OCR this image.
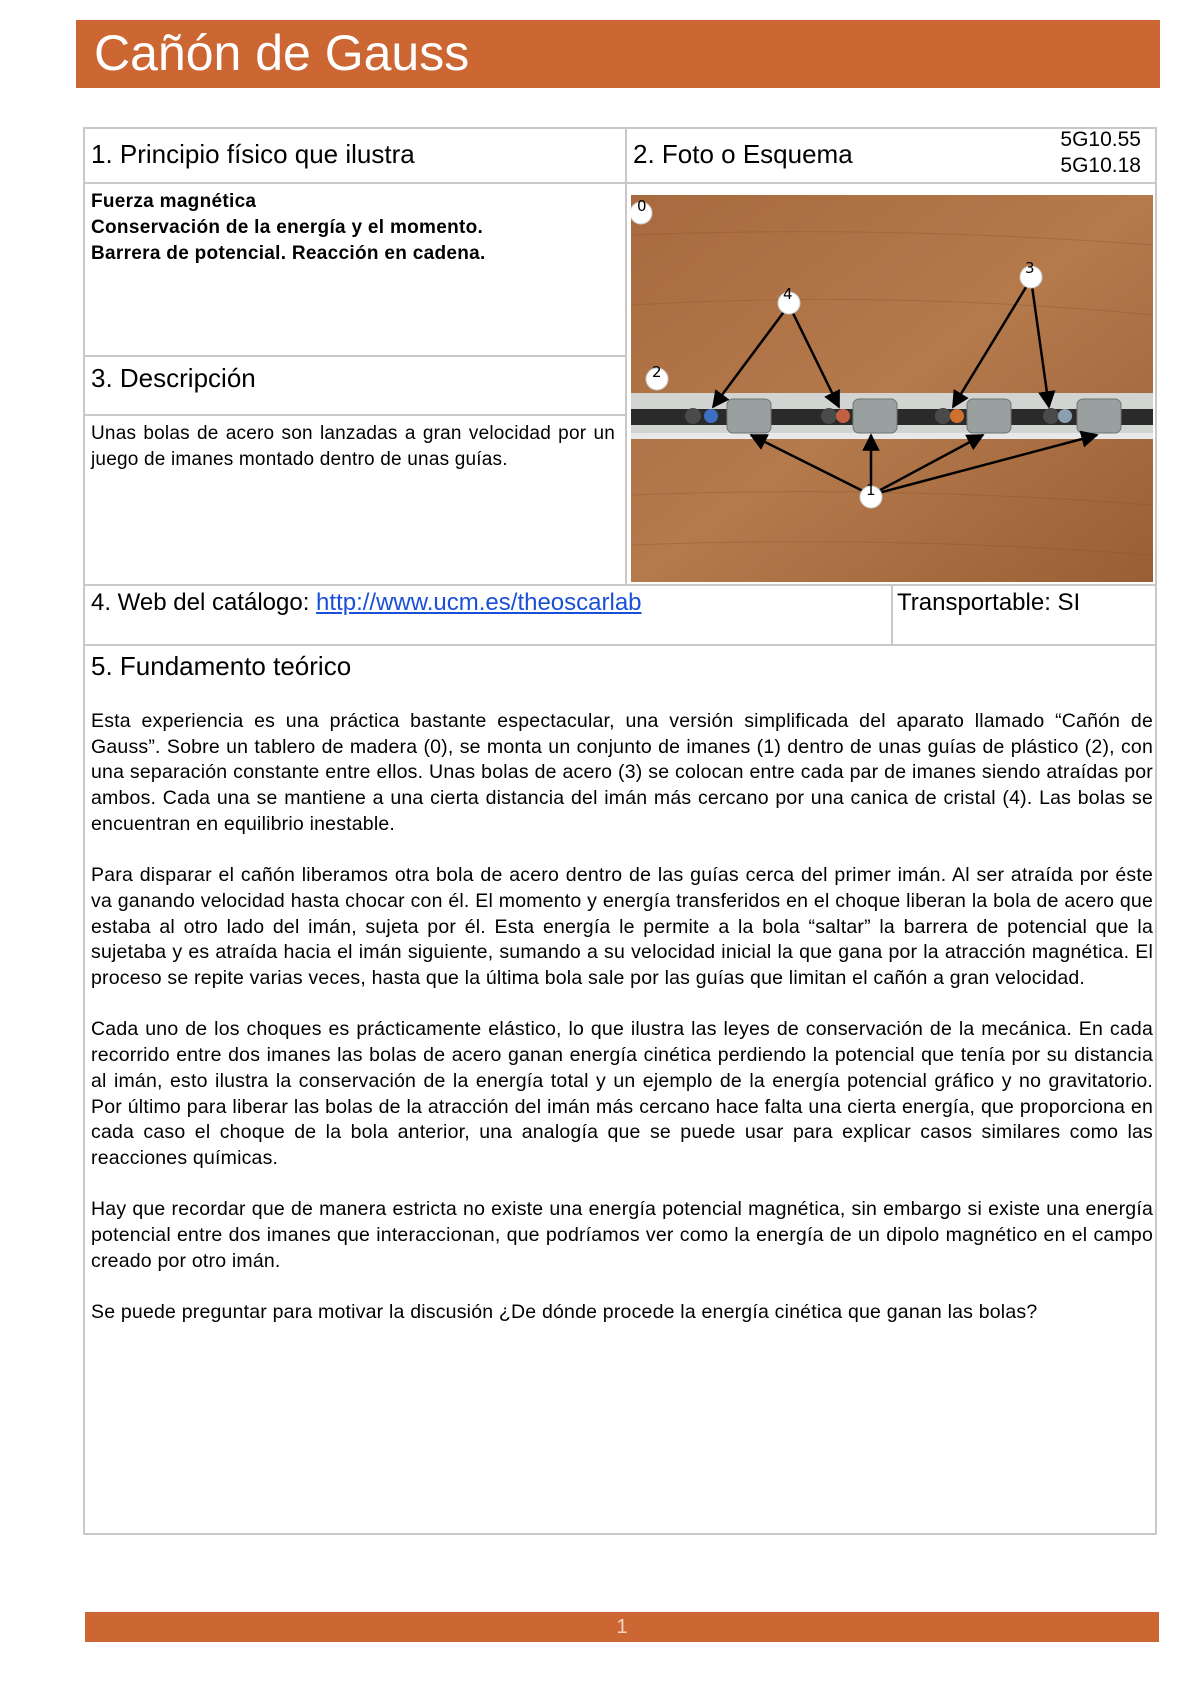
Cañón de Gauss
1. Principio físico que ilustra	2. Foto o Esquema	5G10.55
5G10.18
Fuerza magnética
Conservación de la energía y el momento.
Barrera de potencial. Reacción en cadena.
3. Descripción
Unas bolas de acero son lanzadas a gran velocidad por un juego de imanes montado dentro de unas guías.
0
1
2
3
4
4. Web del catálogo: http://www.ucm.es/theoscarlab	Transportable: SI
5. Fundamento teórico

Esta experiencia es una práctica bastante espectacular, una versión simplificada del aparato llamado “Cañón de Gauss”. Sobre un tablero de madera (0), se monta un conjunto de imanes (1) dentro de unas guías de plástico (2), con una separación constante entre ellos. Unas bolas de acero (3) se colocan entre cada par de imanes siendo atraídas por ambos. Cada una se mantiene a una cierta distancia del imán más cercano por una canica de cristal (4). Las bolas se encuentran en equilibrio inestable.

Para disparar el cañón liberamos otra bola de acero dentro de las guías cerca del primer imán. Al ser atraída por éste va ganando velocidad hasta chocar con él. El momento y energía transferidos en el choque liberan la bola de acero que estaba al otro lado del imán, sujeta por él. Esta energía le permite a la bola “saltar” la barrera de potencial que la sujetaba y es atraída hacia el imán siguiente, sumando a su velocidad inicial la que gana por la atracción magnética. El proceso se repite varias veces, hasta que la última bola sale por las guías que limitan el cañón a gran velocidad.

Cada uno de los choques es prácticamente elástico, lo que ilustra las leyes de conservación de la mecánica. En cada recorrido entre dos imanes las bolas de acero ganan energía cinética perdiendo la potencial que tenía por su distancia al imán, esto ilustra la conservación de la energía total y un ejemplo de la energía potencial gráfico y no gravitatorio. Por último para liberar las bolas de la atracción del imán más cercano hace falta una cierta energía, que proporciona en cada caso el choque de la bola anterior, una analogía que se puede usar para explicar casos similares como las reacciones químicas.

Hay que recordar que de manera estricta no existe una energía potencial magnética, sin embargo si existe una energía potencial entre dos imanes que interaccionan, que podríamos ver como la energía de un dipolo magnético en el campo creado por otro imán.

Se puede preguntar para motivar la discusión ¿De dónde procede la energía cinética que ganan las bolas?

1
